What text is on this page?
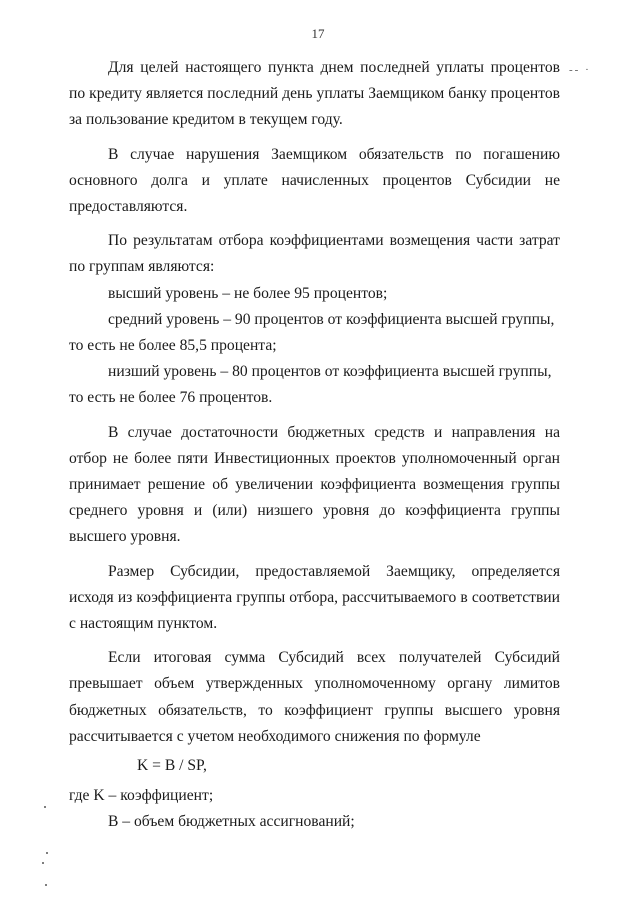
17
-- ·

Для целей настоящего пункта днем последней уплаты процентов по кредиту является последний день уплаты Заемщиком банку процентов за пользование кредитом в текущем году.

В случае нарушения Заемщиком обязательств по погашению основного долга и уплате начисленных процентов Субсидии не предоставляются.

По результатам отбора коэффициентами возмещения части затрат по группам являются:

высший уровень – не более 95 процентов;

средний уровень – 90 процентов от коэффициента высшей группы, то есть не более 85,5 процента;

низший уровень – 80 процентов от коэффициента высшей группы, то есть не более 76 процентов.

В случае достаточности бюджетных средств и направления на отбор не более пяти Инвестиционных проектов уполномоченный орган принимает решение об увеличении коэффициента возмещения группы среднего уровня и (или) низшего уровня до коэффициента группы высшего уровня.

Размер Субсидии, предоставляемой Заемщику, определяется исходя из коэффициента группы отбора, рассчитываемого в соответствии с настоящим пунктом.

Если итоговая сумма Субсидий всех получателей Субсидий превышает объем утвержденных уполномоченному органу лимитов бюджетных обязательств, то коэффициент группы высшего уровня рассчитывается с учетом необходимого снижения по формуле

K = B / SP,

где K – коэффициент;

B – объем бюджетных ассигнований;
